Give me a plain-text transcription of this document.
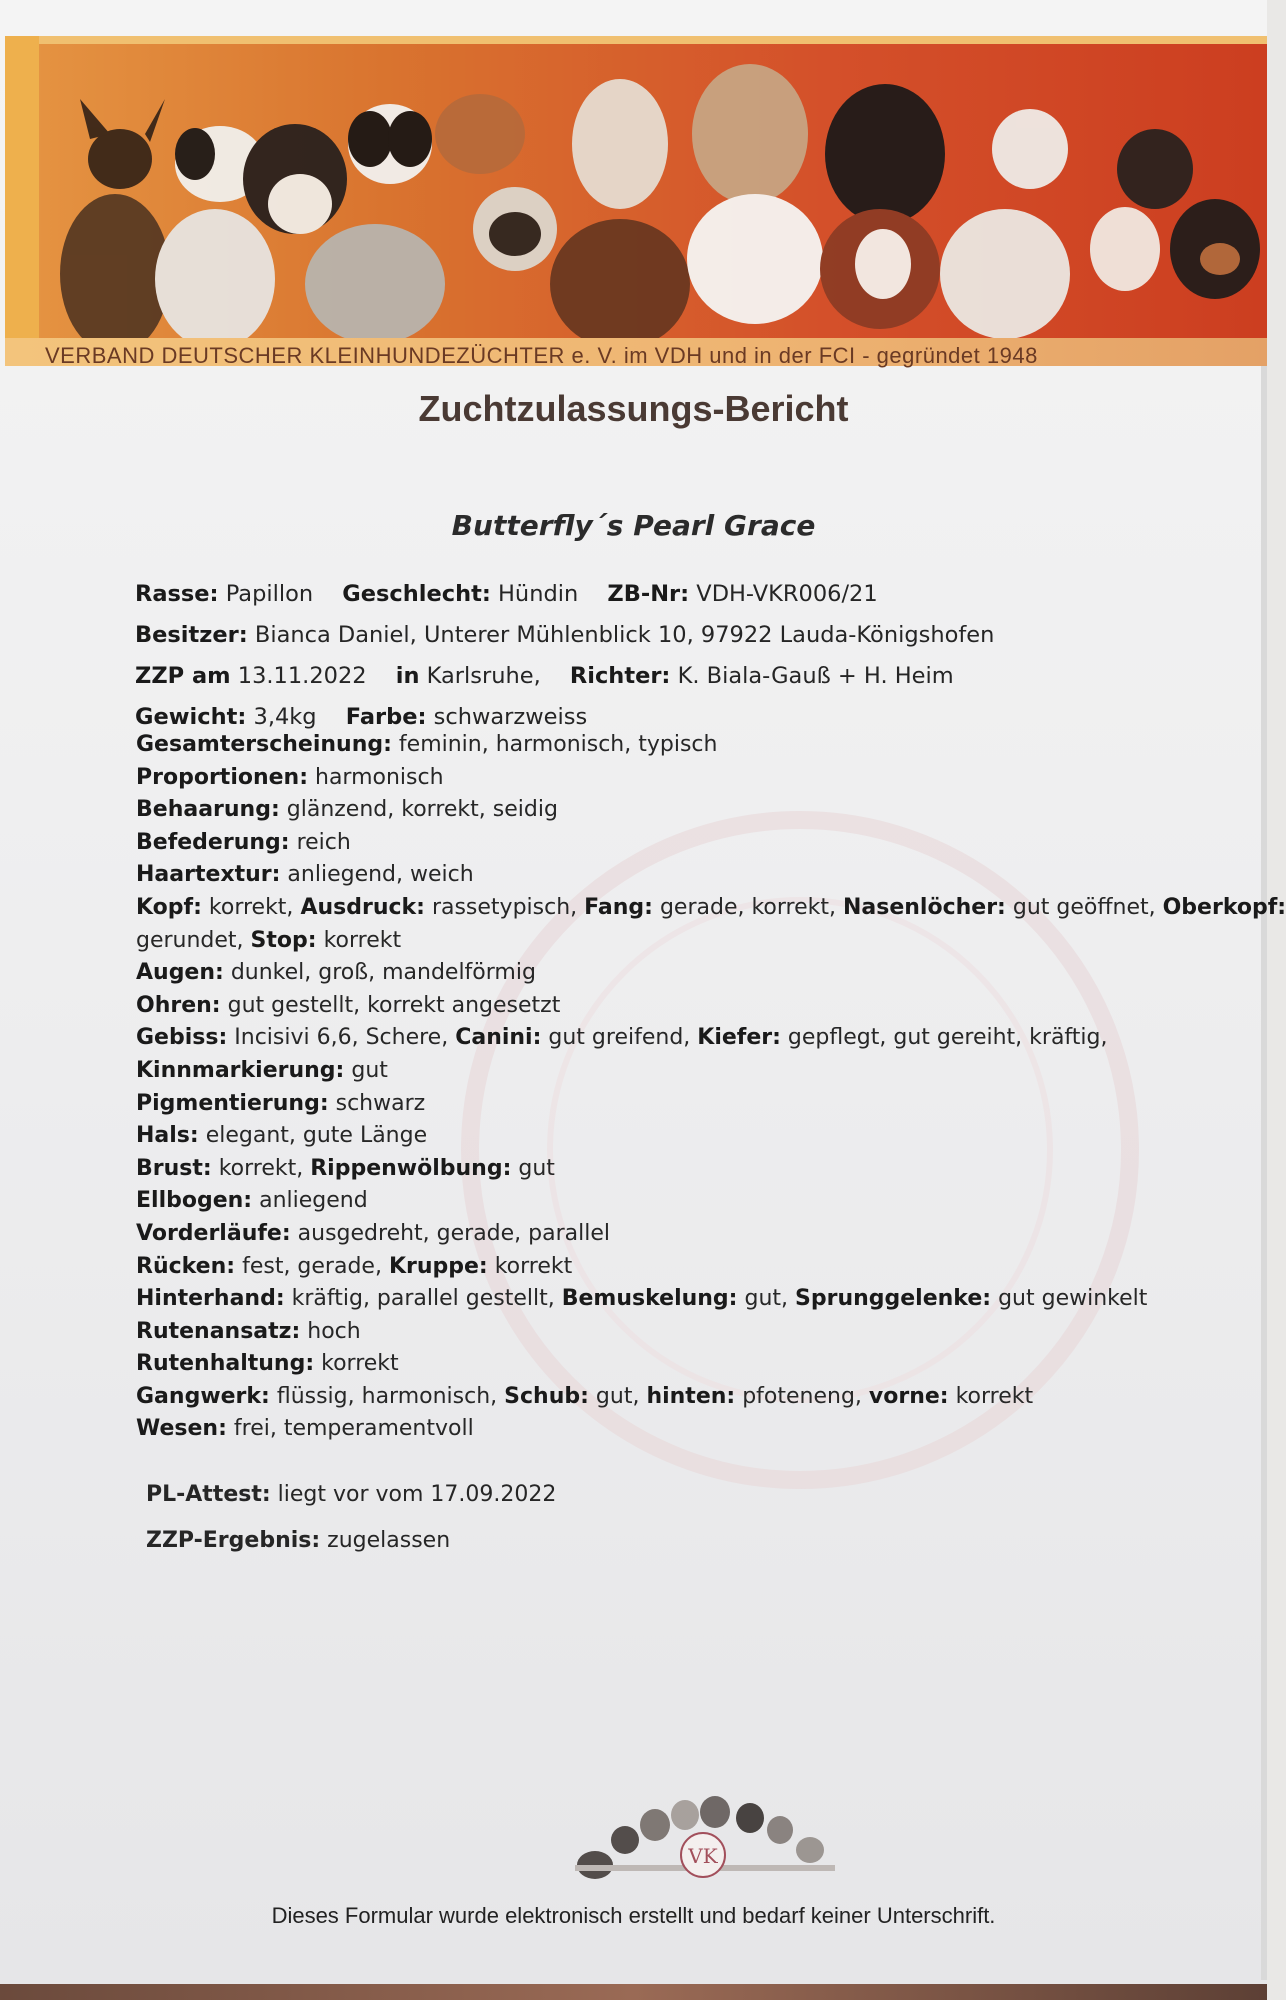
VERBAND DEUTSCHER KLEINHUNDEZÜCHTER e. V. im VDH und in der FCI - gegründet 1948
Zuchtzulassungs-Bericht
Butterfly´s Pearl Grace
Rasse: Papillon Geschlecht: Hündin ZB-Nr: VDH-VKR006/21
Besitzer: Bianca Daniel, Unterer Mühlenblick 10, 97922 Lauda-Königshofen
ZZP am 13.11.2022 in Karlsruhe, Richter: K. Biala-Gauß + H. Heim
Gewicht: 3,4kg Farbe: schwarzweiss
Gesamterscheinung: feminin, harmonisch, typisch
Proportionen: harmonisch
Behaarung: glänzend, korrekt, seidig
Befederung: reich
Haartextur: anliegend, weich
Kopf: korrekt, Ausdruck: rassetypisch, Fang: gerade, korrekt, Nasenlöcher: gut geöffnet, Oberkopf:
gerundet, Stop: korrekt
Augen: dunkel, groß, mandelförmig
Ohren: gut gestellt, korrekt angesetzt
Gebiss: Incisivi 6,6, Schere, Canini: gut greifend, Kiefer: gepflegt, gut gereiht, kräftig,
Kinnmarkierung: gut
Pigmentierung: schwarz
Hals: elegant, gute Länge
Brust: korrekt, Rippenwölbung: gut
Ellbogen: anliegend
Vorderläufe: ausgedreht, gerade, parallel
Rücken: fest, gerade, Kruppe: korrekt
Hinterhand: kräftig, parallel gestellt, Bemuskelung: gut, Sprunggelenke: gut gewinkelt
Rutenansatz: hoch
Rutenhaltung: korrekt
Gangwerk: flüssig, harmonisch, Schub: gut, hinten: pfoteneng, vorne: korrekt
Wesen: frei, temperamentvoll
PL-Attest: liegt vor vom 17.09.2022
ZZP-Ergebnis: zugelassen
VK
Dieses Formular wurde elektronisch erstellt und bedarf keiner Unterschrift.
